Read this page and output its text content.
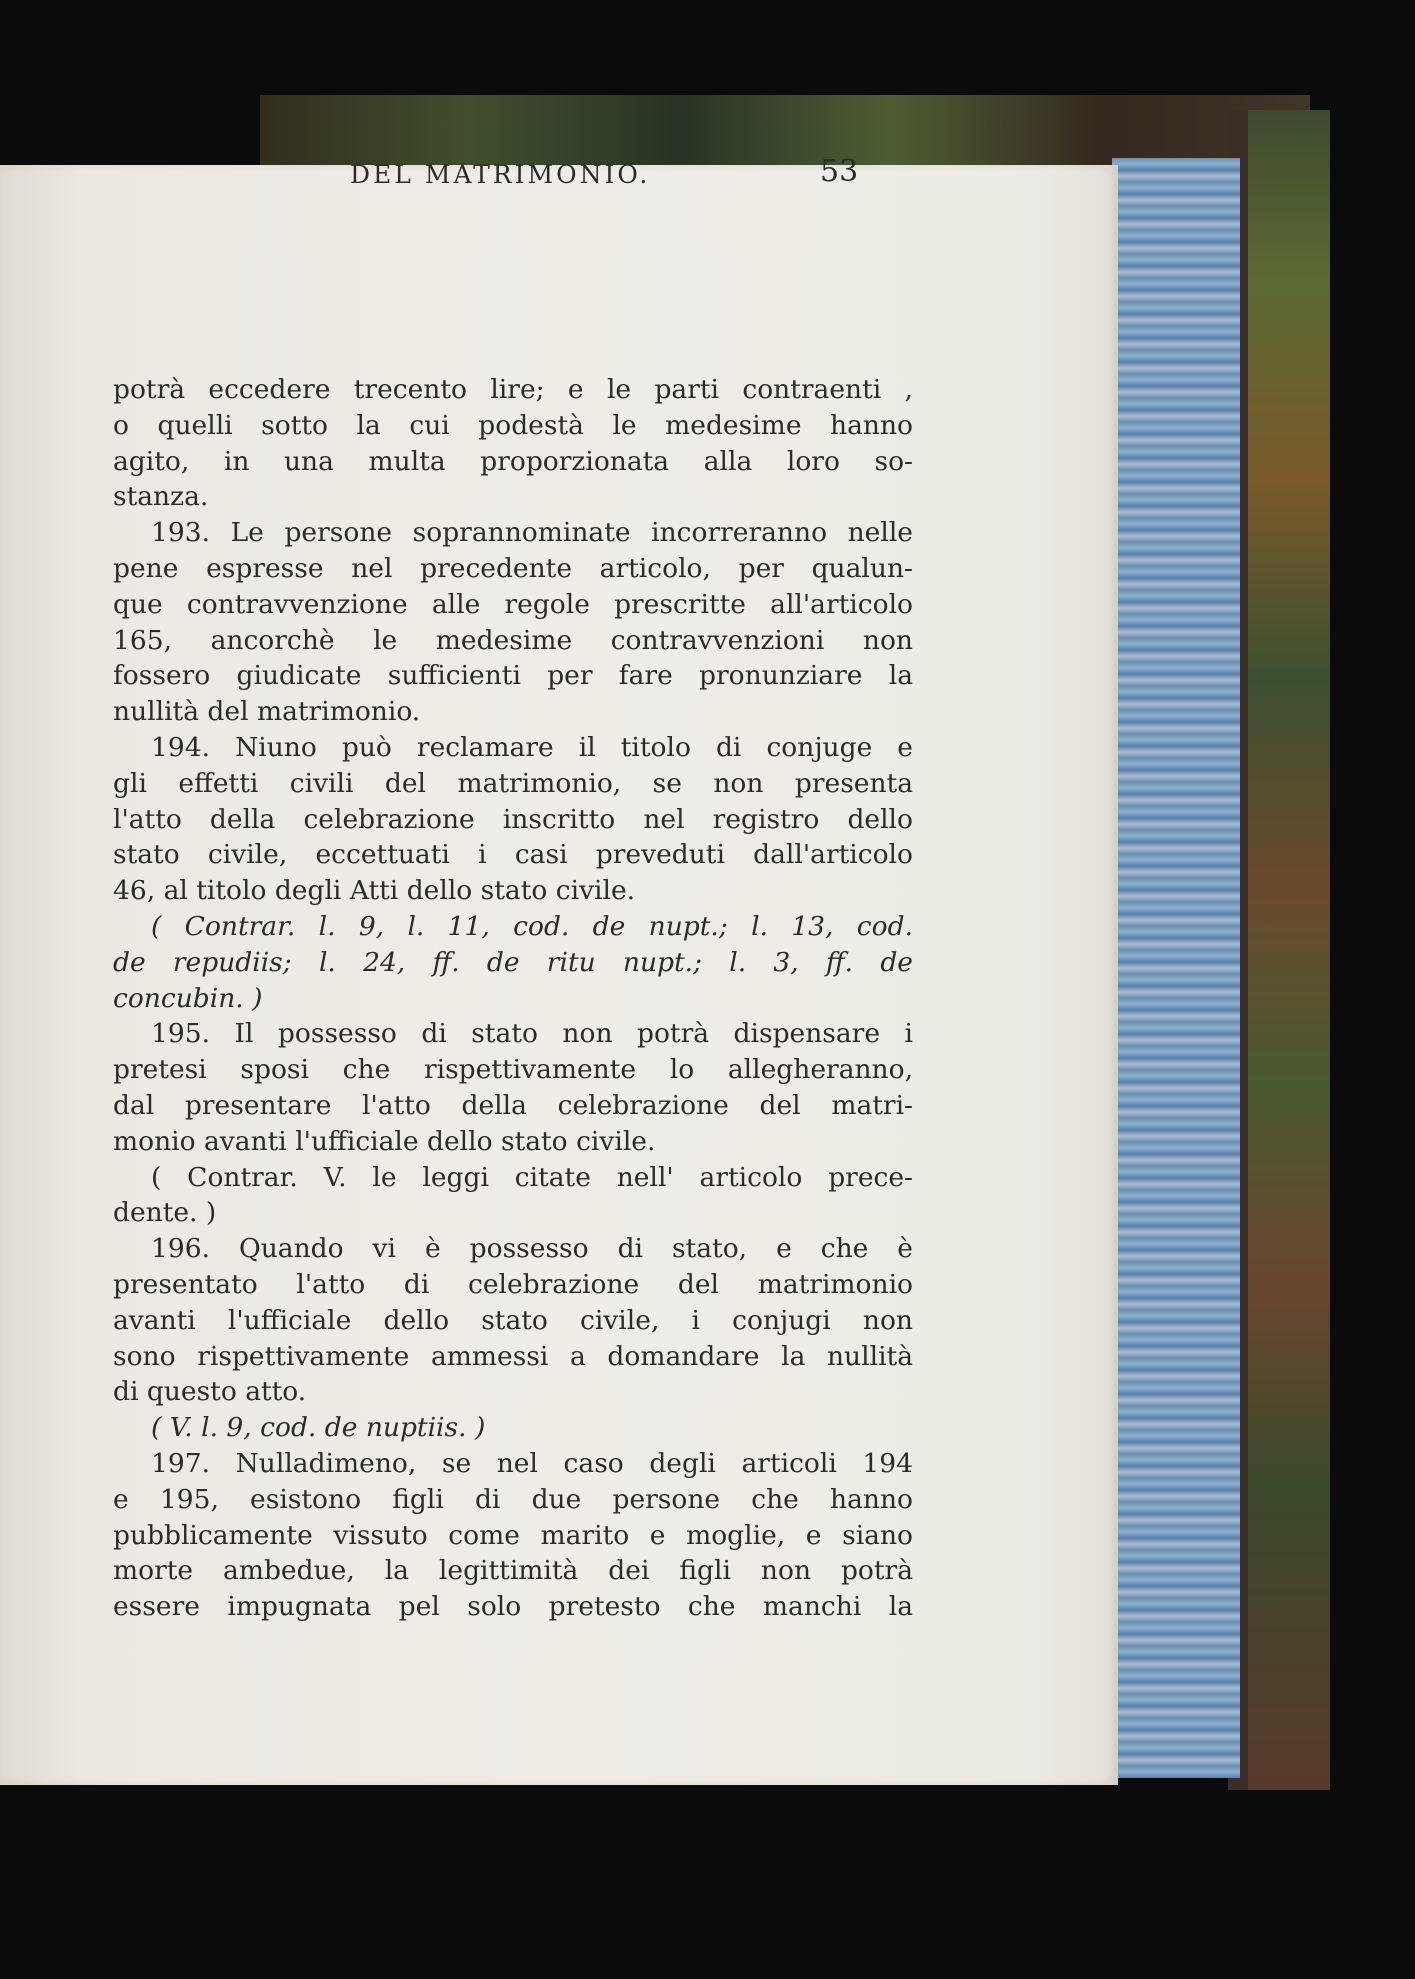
DEL MATRIMONIO.	53
potrà eccedere trecento lire; e le parti contraenti ,
o quelli sotto la cui podestà le medesime hanno
agito, in una multa proporzionata alla loro so-
stanza.
193. Le persone soprannominate incorreranno nelle
pene espresse nel precedente articolo, per qualun-
que contravvenzione alle regole prescritte all'articolo
165, ancorchè le medesime contravvenzioni non
fossero giudicate sufficienti per fare pronunziare la
nullità del matrimonio.
194. Niuno può reclamare il titolo di conjuge e
gli effetti civili del matrimonio, se non presenta
l'atto della celebrazione inscritto nel registro dello
stato civile, eccettuati i casi preveduti dall'articolo
46, al titolo degli Atti dello stato civile.
( Contrar. l. 9, l. 11, cod. de nupt.; l. 13, cod.
de repudiis; l. 24, ff. de ritu nupt.; l. 3, ff. de
concubin. )
195. Il possesso di stato non potrà dispensare i
pretesi sposi che rispettivamente lo allegheranno,
dal presentare l'atto della celebrazione del matri-
monio avanti l'ufficiale dello stato civile.
( Contrar. V. le leggi citate nell' articolo prece-
dente. )
196. Quando vi è possesso di stato, e che è
presentato l'atto di celebrazione del matrimonio
avanti l'ufficiale dello stato civile, i conjugi non
sono rispettivamente ammessi a domandare la nullità
di questo atto.
( V. l. 9, cod. de nuptiis. )
197. Nulladimeno, se nel caso degli articoli 194
e 195, esistono figli di due persone che hanno
pubblicamente vissuto come marito e moglie, e siano
morte ambedue, la legittimità dei figli non potrà
essere impugnata pel solo pretesto che manchi la
